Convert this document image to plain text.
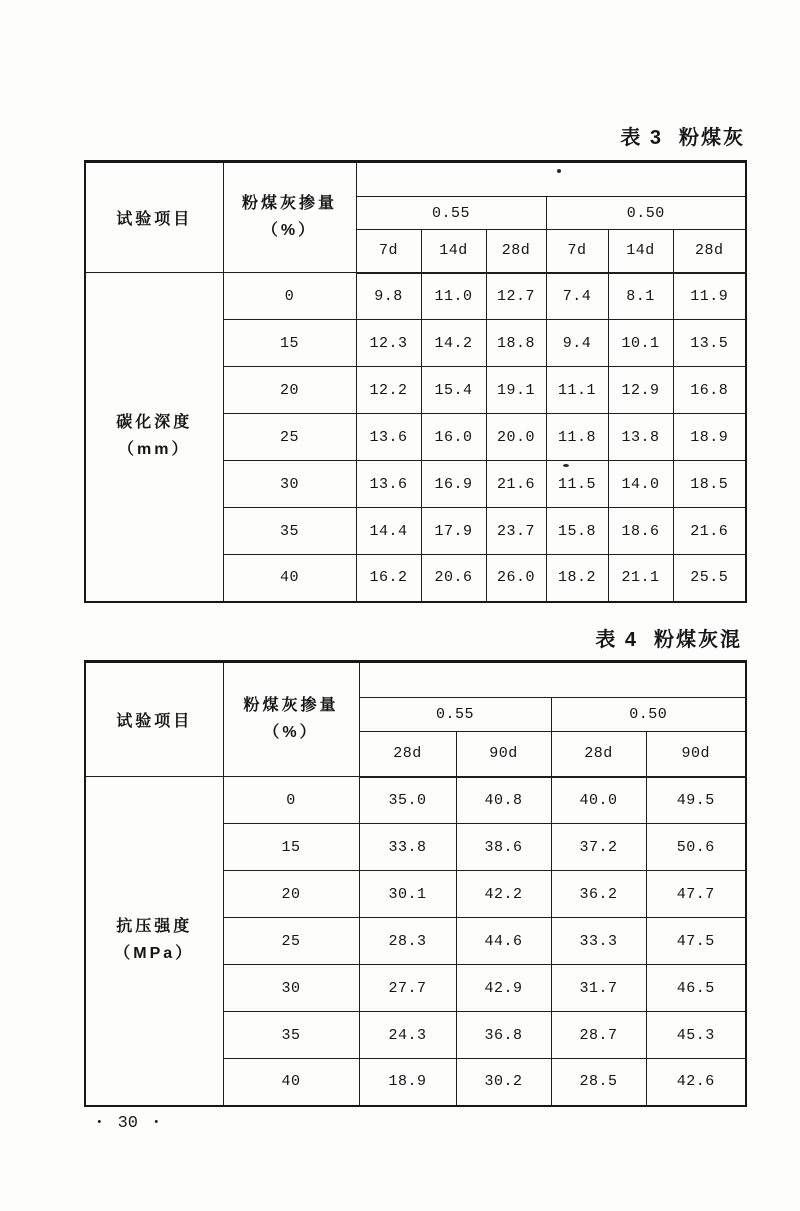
表 3 粉煤灰
试验项目	粉煤灰掺量
（%）						

		0.55			0.50		
		7d	14d	28d	7d	14d	28d

碳化深度
（mm）	0	9.8	11.0	12.7	7.4	8.1	11.9
	15	12.3	14.2	18.8	9.4	10.1	13.5
	20	12.2	15.4	19.1	11.1	12.9	16.8
	25	13.6	16.0	20.0	11.8	13.8	18.9
	30	13.6	16.9	21.6	11.5	14.0	18.5
	35	14.4	17.9	23.7	15.8	18.6	21.6
	40	16.2	20.6	26.0	18.2	21.1	25.5
表 4 粉煤灰混
试验项目	粉煤灰掺量
（%）				

		0.55		0.50	
		28d	90d	28d	90d

抗压强度
（MPa）	0	35.0	40.8	40.0	49.5
	15	33.8	38.6	37.2	50.6
	20	30.1	42.2	36.2	47.7
	25	28.3	44.6	33.3	47.5
	30	27.7	42.9	31.7	46.5
	35	24.3	36.8	28.7	45.3
	40	18.9	30.2	28.5	42.6
• 30 •
